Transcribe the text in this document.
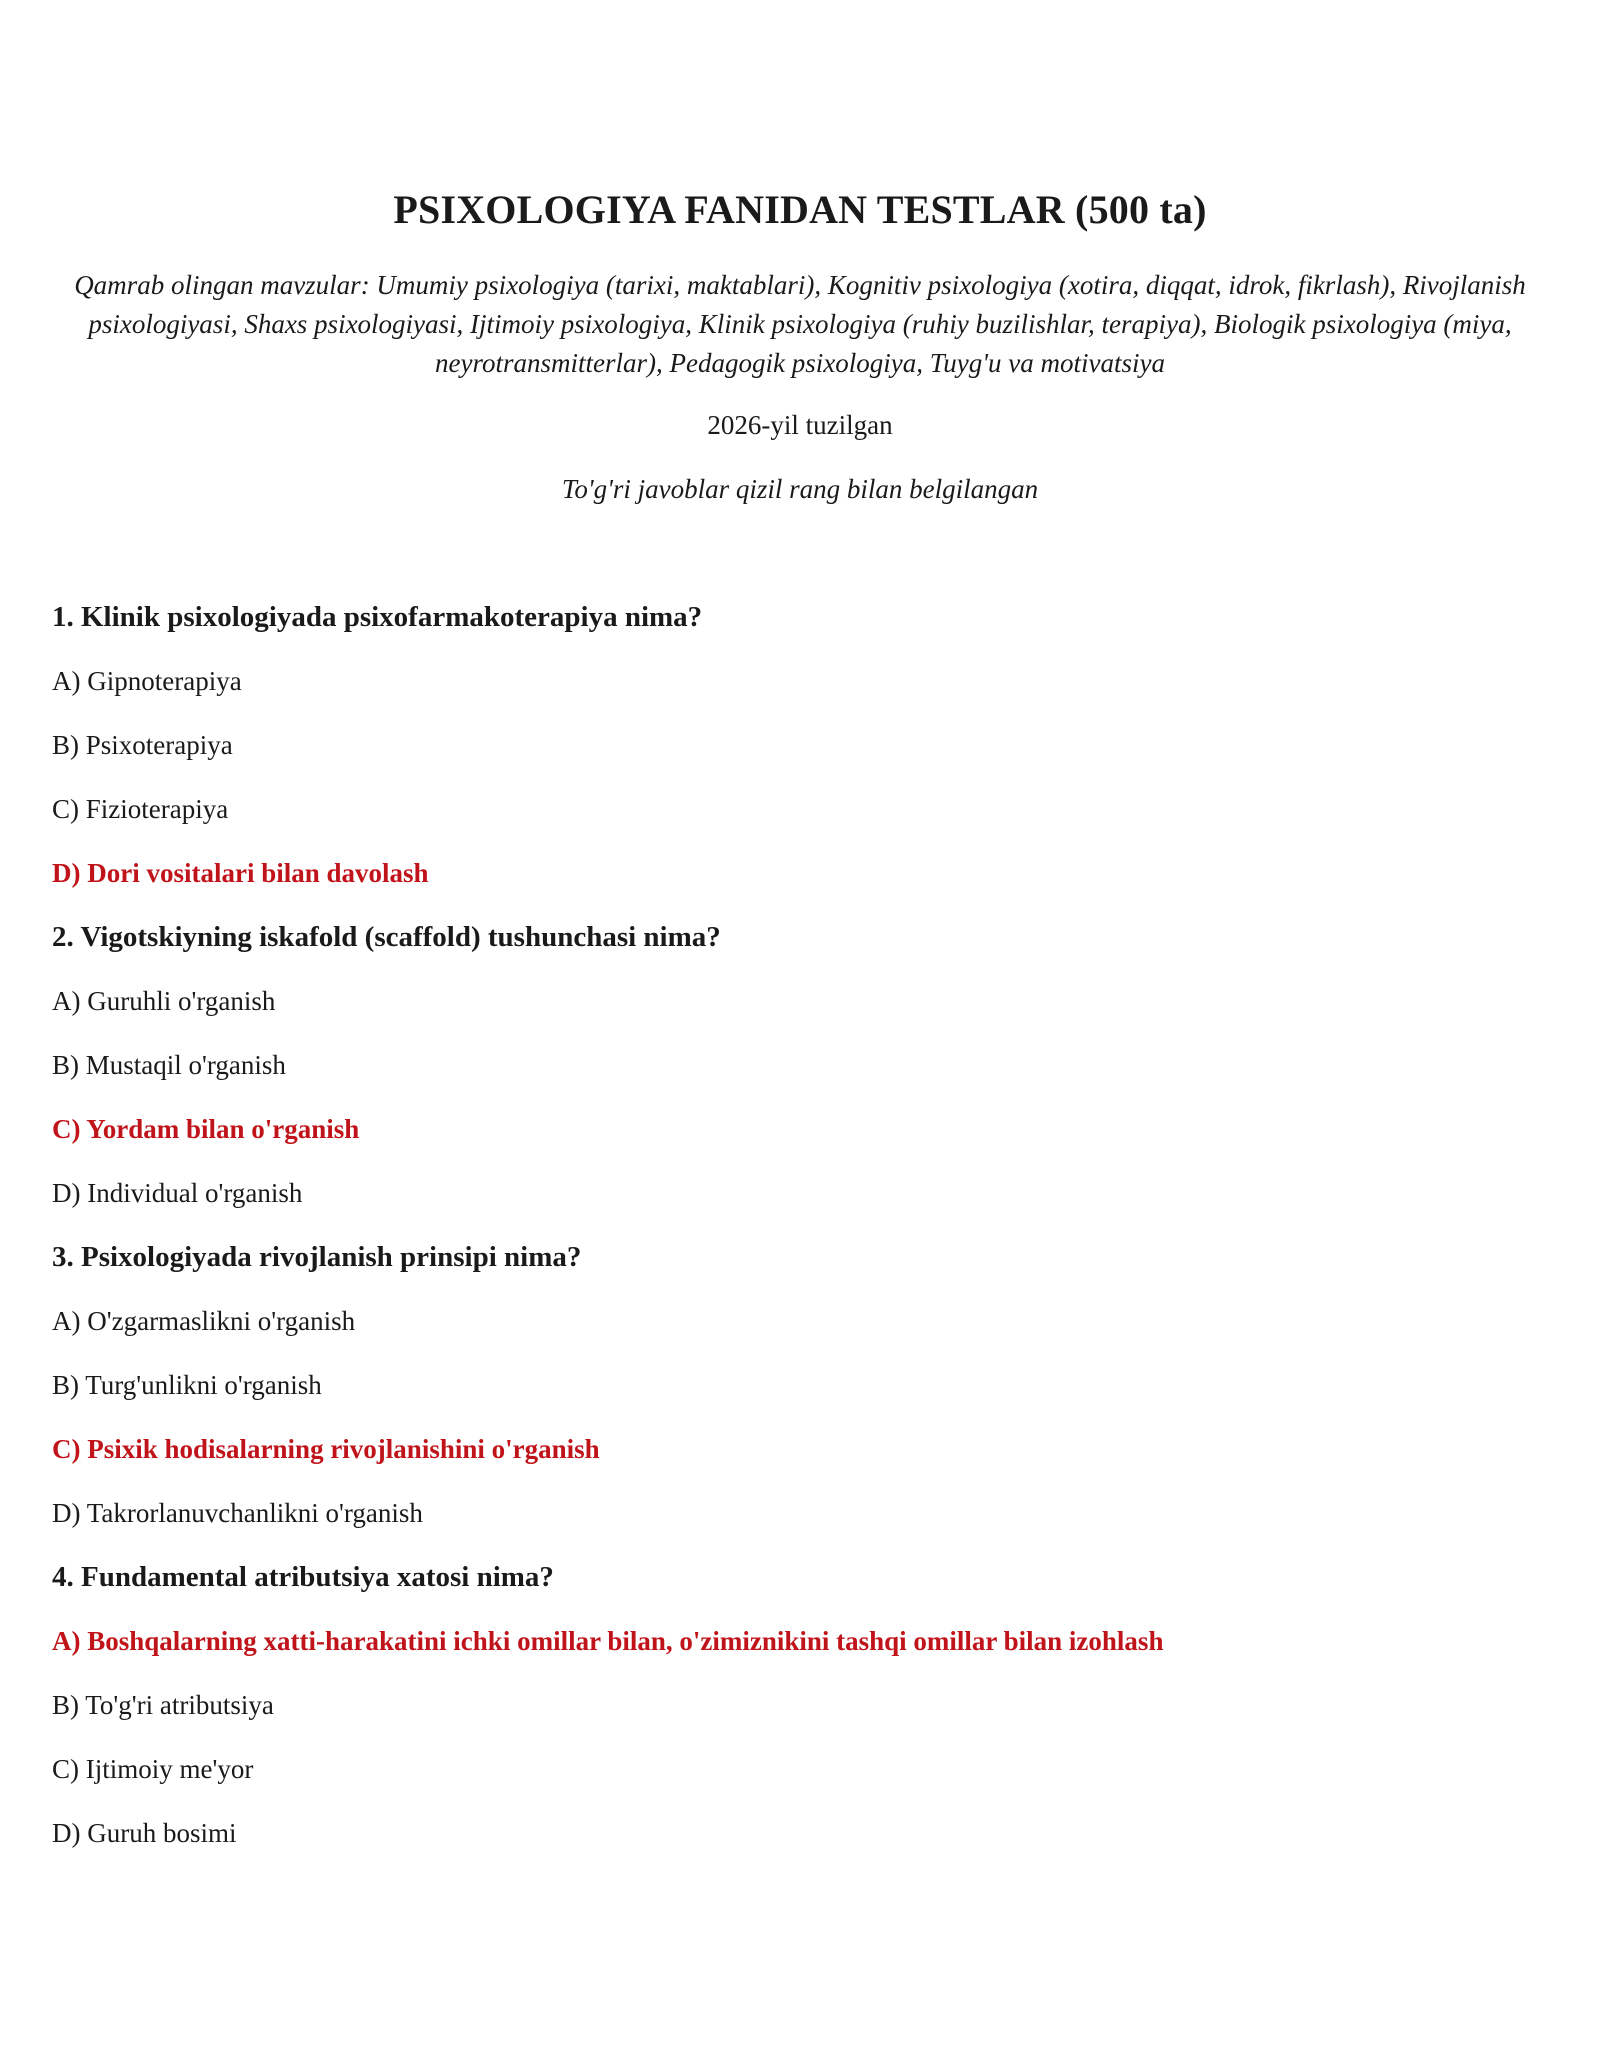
PSIXOLOGIYA FANIDAN TESTLAR (500 ta)
Qamrab olingan mavzular: Umumiy psixologiya (tarixi, maktablari), Kognitiv psixologiya (xotira, diqqat, idrok, fikrlash), Rivojlanish psixologiyasi, Shaxs psixologiyasi, Ijtimoiy psixologiya, Klinik psixologiya (ruhiy buzilishlar, terapiya), Biologik psixologiya (miya, neyrotransmitterlar), Pedagogik psixologiya, Tuyg'u va motivatsiya
2026-yil tuzilgan
To'g'ri javoblar qizil rang bilan belgilangan
1. Klinik psixologiyada psixofarmakoterapiya nima?
A) Gipnoterapiya
B) Psixoterapiya
C) Fizioterapiya
D) Dori vositalari bilan davolash
2. Vigotskiyning iskafold (scaffold) tushunchasi nima?
A) Guruhli o'rganish
B) Mustaqil o'rganish
C) Yordam bilan o'rganish
D) Individual o'rganish
3. Psixologiyada rivojlanish prinsipi nima?
A) O'zgarmaslikni o'rganish
B) Turg'unlikni o'rganish
C) Psixik hodisalarning rivojlanishini o'rganish
D) Takrorlanuvchanlikni o'rganish
4. Fundamental atributsiya xatosi nima?
A) Boshqalarning xatti-harakatini ichki omillar bilan, o'zimiznikini tashqi omillar bilan izohlash
B) To'g'ri atributsiya
C) Ijtimoiy me'yor
D) Guruh bosimi
